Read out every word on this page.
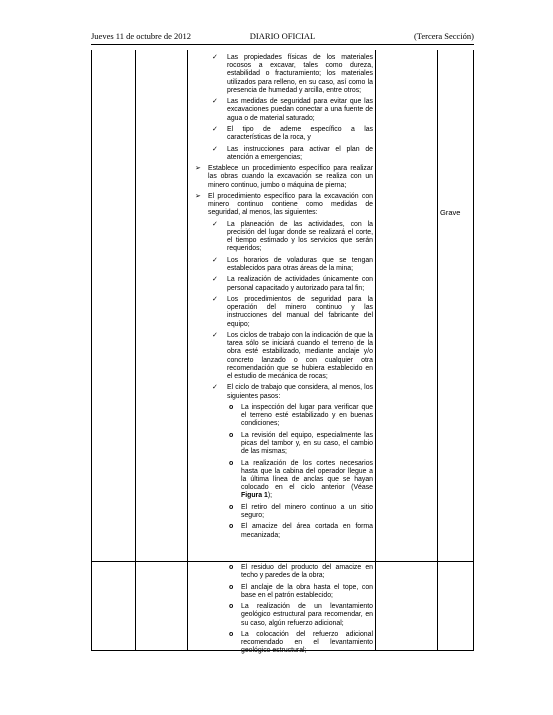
Jueves 11 de octubre de 2012	DIARIO OFICIAL	(Tercera Sección)
✓ Las propiedades físicas de los materiales rocosos a excavar, tales como dureza, estabilidad o fracturamiento; los materiales utilizados para relleno, en su caso, así como la presencia de humedad y arcilla, entre otros;
✓ Las medidas de seguridad para evitar que las excavaciones puedan conectar a una fuente de agua o de material saturado;
✓ El tipo de ademe específico a las características de la roca, y
✓ Las instrucciones para activar el plan de atención a emergencias;
➢ Establece un procedimiento específico para realizar las obras cuando la excavación se realiza con un minero continuo, jumbo o máquina de pierna;
➢ El procedimiento específico para la excavación con minero continuo contiene como medidas de seguridad, al menos, las siguientes:
✓ La planeación de las actividades, con la precisión del lugar donde se realizará el corte, el tiempo estimado y los servicios que serán requeridos;
✓ Los horarios de voladuras que se tengan establecidos para otras áreas de la mina;
✓ La realización de actividades únicamente con personal capacitado y autorizado para tal fin;
✓ Los procedimientos de seguridad para la operación del minero continuo y las instrucciones del manual del fabricante del equipo;
✓ Los ciclos de trabajo con la indicación de que la tarea sólo se iniciará cuando el terreno de la obra esté estabilizado, mediante anclaje y/o concreto lanzado o con cualquier otra recomendación que se hubiera establecido en el estudio de mecánica de rocas;
✓ El ciclo de trabajo que considera, al menos, los siguientes pasos:
o La inspección del lugar para verificar que el terreno esté estabilizado y en buenas condiciones;
o La revisión del equipo, especialmente las picas del tambor y, en su caso, el cambio de las mismas;
o La realización de los cortes necesarios hasta que la cabina del operador llegue a la última línea de anclas que se hayan colocado en el ciclo anterior (Véase Figura 1);
o El retiro del minero continuo a un sitio seguro;
o El amacize del área cortada en forma mecanizada;
o El residuo del producto del amacize en techo y paredes de la obra;
o El anclaje de la obra hasta el tope, con base en el patrón establecido;
o La realización de un levantamiento geológico estructural para recomendar, en su caso, algún refuerzo adicional;
o La colocación del refuerzo adicional recomendado en el levantamiento geológico estructural;
Grave
